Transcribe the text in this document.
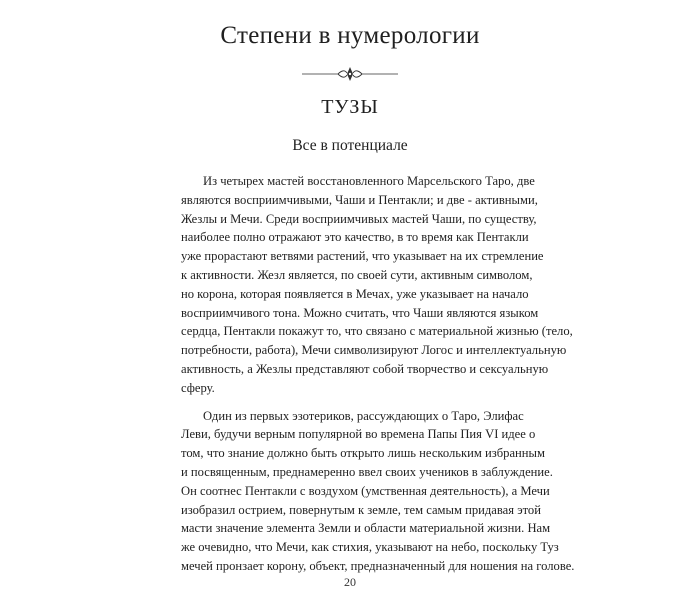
Степени в нумерологии
ТУЗЫ
Все в потенциале

Из четырех мастей восстановленного Марсельского Таро, две
являются восприимчивыми, Чаши и Пентакли; и две - активными,
Жезлы и Мечи. Среди восприимчивых мастей Чаши, по существу,
наиболее полно отражают это качество, в то время как Пентакли
уже прорастают ветвями растений, что указывает на их стремление
к активности. Жезл является, по своей сути, активным символом,
но корона, которая появляется в Мечах, уже указывает на начало
восприимчивого тона. Можно считать, что Чаши являются языком
сердца, Пентакли покажут то, что связано с материальной жизнью (тело,
потребности, работа), Мечи символизируют Логос и интеллектуальную
активность, а Жезлы представляют собой творчество и сексуальную
сферу.

Один из первых эзотериков, рассуждающих о Таро, Элифас
Леви, будучи верным популярной во времена Папы Пия VI идее о
том, что знание должно быть открыто лишь нескольким избранным
и посвященным, преднамеренно ввел своих учеников в заблуждение.
Он соотнес Пентакли с воздухом (умственная деятельность), а Мечи
изобразил острием, повернутым к земле, тем самым придавая этой
масти значение элемента Земли и области материальной жизни. Нам
же очевидно, что Мечи, как стихия, указывают на небо, поскольку Туз
мечей пронзает корону, объект, предназначенный для ношения на голове.

20
